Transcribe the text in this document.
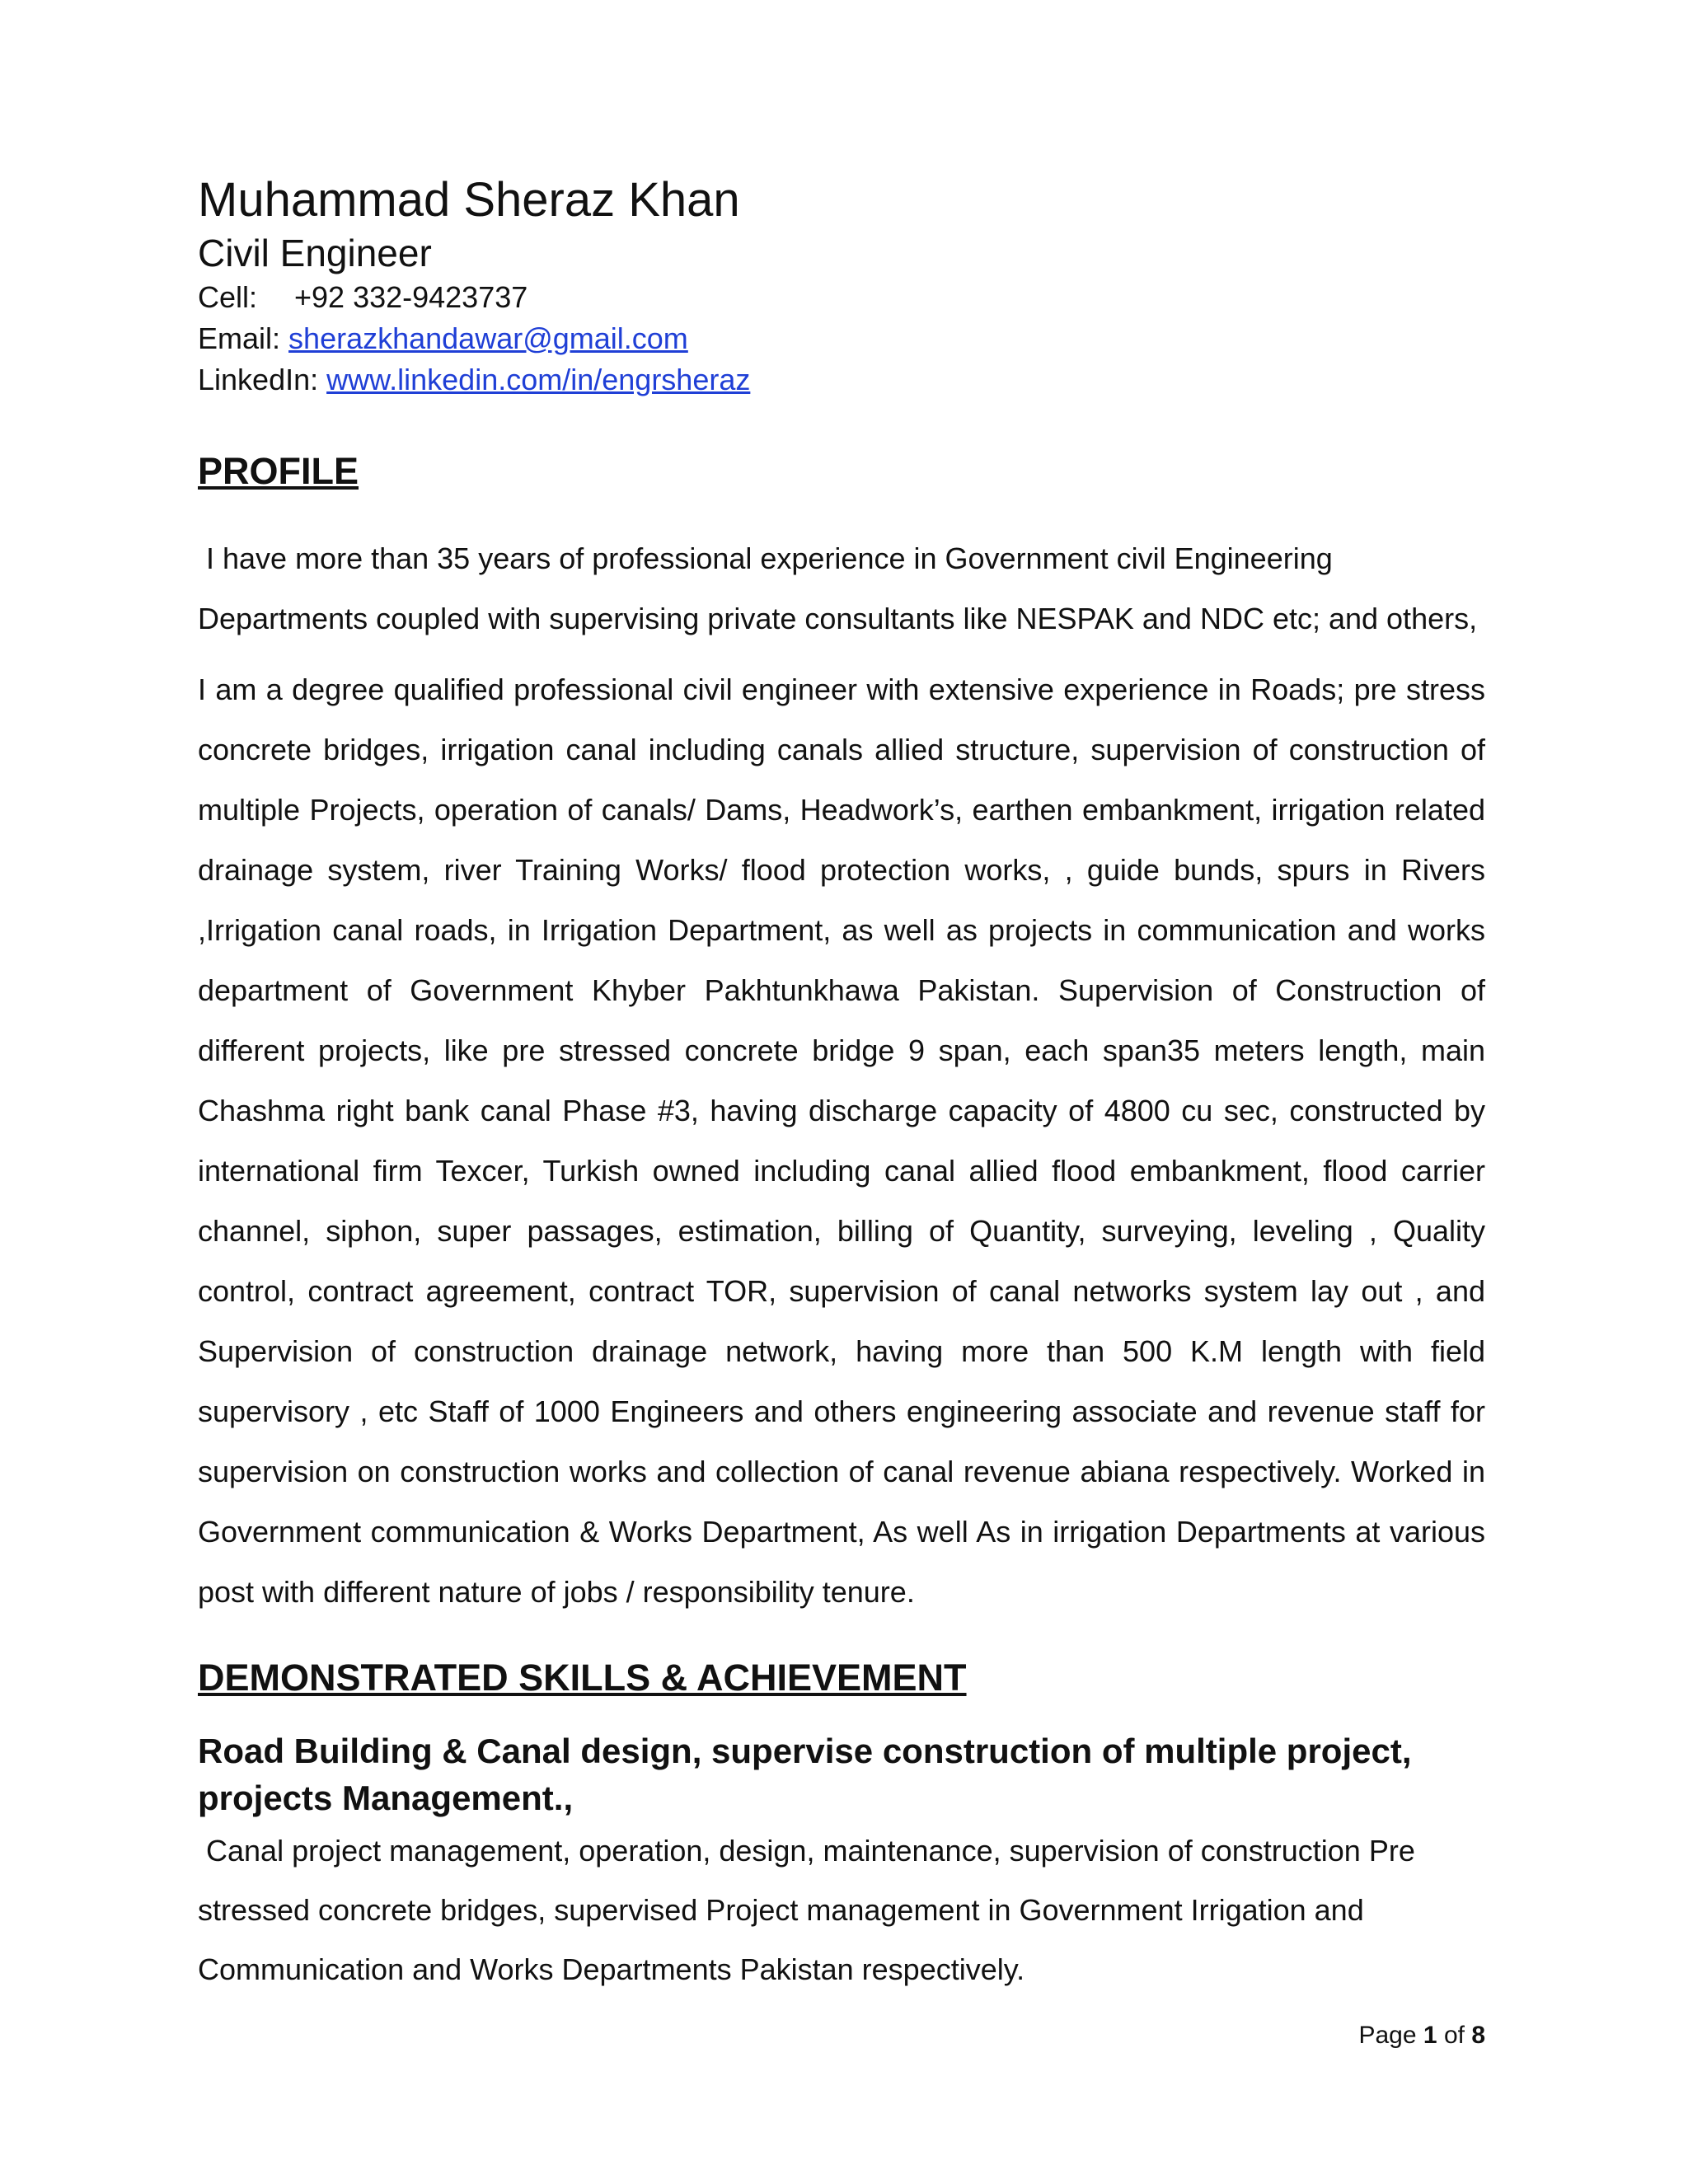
Muhammad Sheraz Khan
Civil Engineer
Cell: +92 332-9423737
Email: sherazkhandawar@gmail.com
LinkedIn: www.linkedin.com/in/engrsheraz
PROFILE
I have more than 35 years of professional experience in Government civil Engineering
Departments coupled with supervising private consultants like NESPAK and NDC etc; and others,

I am a degree qualified professional civil engineer with extensive experience in Roads; pre stress concrete bridges, irrigation canal including canals allied structure, supervision of construction of multiple Projects, operation of canals/ Dams, Headwork’s, earthen embankment, irrigation related drainage system, river Training Works/ flood protection works, , guide bunds, spurs in Rivers ,Irrigation canal roads, in Irrigation Department, as well as projects in communication and works department of Government Khyber Pakhtunkhawa Pakistan. Supervision of Construction of different projects, like pre stressed concrete bridge 9 span, each span35 meters length, main Chashma right bank canal Phase #3, having discharge capacity of 4800 cu sec, constructed by international firm Texcer, Turkish owned including canal allied flood embankment, flood carrier channel, siphon, super passages, estimation, billing of Quantity, surveying, leveling , Quality control, contract agreement, contract TOR, supervision of canal networks system lay out , and Supervision of construction drainage network, having more than 500 K.M length with field supervisory , etc Staff of 1000 Engineers and others engineering associate and revenue staff for supervision on construction works and collection of canal revenue abiana respectively. Worked in Government communication & Works Department, As well As in irrigation Departments at various post with different nature of jobs / responsibility tenure.

DEMONSTRATED SKILLS & ACHIEVEMENT
Road Building & Canal design, supervise construction of multiple project,
projects Management.,
Canal project management, operation, design, maintenance, supervision of construction Pre
stressed concrete bridges, supervised Project management in Government Irrigation and
Communication and Works Departments Pakistan respectively.
Page 1 of 8
